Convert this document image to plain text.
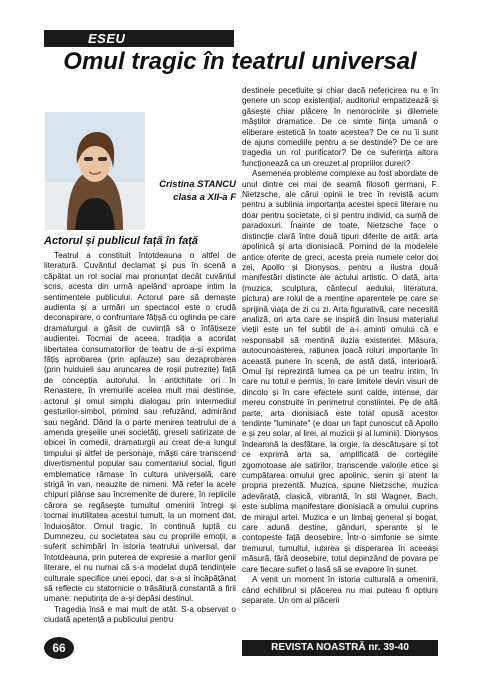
ESEU
Omul tragic în teatrul universal
Cristina STANCU
clasa a XII-a F
Actorul și publicul față în față

Teatrul a constituit întotdeauna o altfel de literatură. Cuvântul declamat și pus în scenă a căpătat un rol social mai pronunțat decât cuvântul scris, acesta din urmă apelând aproape intim la sentimentele publicului. Actorul pare să demaște audienta și a urmări un spectacol este o crudă deconspirare, o confruntare fățișă cu oglinda pe care dramaturgul a găsit de cuviință să o înfățiseze audientei. Tocmai de aceea, tradiția a acordat libertatea consumatorilor de teatru de a-și exprima fățiș aprobarea (prin aplauze) sau dezaprobarea (prin huiduieli sau aruncarea de roșii putrezite) față de concepția autorului. În antichitate ori în Renastere, în vremurile acelea mult mai destinse, actorul și omul simplu dialogau prin intermediul gesturilor-simbol, primind sau refuzând, admirând sau negând. Dând la o parte menirea teatrului de a amenda greșelile unei societăți, greseli satirizate de obicei în comedii, dramaturgii au creat de-a lungul timpului și altfel de personaje, măști care transcend divertismentul popular sau comentariul social, figuri emblematice rămase în cultura universală, care strigă în van, neauzite de nimeni. Mă refer la acele chipuri plânse sau încremenite de durere, în replicile cărora se regăsește tumultul omenirii întregi și tocmai inutilitatea acestui tumult, la un moment dat, înduioșător. Omul tragic, în continuă luptă cu Dumnezeu, cu societatea sau cu propriile emoții, a suferit schimbări în istoria teatrului universal, dar întotdeauna, prin puterea de expresie a marilor genii literare, el nu numai că s-a modelat după tendințele culturale specifice unei epoci, dar s-a si încăpățânat să reflecte cu statornicie o trăsătură constantă a firii umane: neputința de a-și depăsi destinul.

Tragedia însă e mai mult de atât. S-a observat o ciudată apetență a publicului pentru

destinele pecetluite și chiar dacă nefericirea nu e în genere un scop existențial, auditoriul empatizează și găsește chiar plăcere în nenorocirile și dilemele măștilor dramatice. De ce simte ființa umană o eliberare estetică în toate acestea? De ce nu îi sunt de ajuns comediile pentru a se destinde? De ce are tragedia un rol purificator? De ce suferința altora funcționează ca un creuzet al propriilor dureri?

Asemenea probleme complexe au fost abordate de unul dintre cei mai de seamă filosofi germani, F. Nietzsche, ale cărui opinii le trec în revistă acum pentru a sublinia importanța acestei specii literare nu doar pentru societate, ci și pentru individ, ca sumă de paradoxuri. Înainte de toate, Nietzsche face o distincție clară între două tipuri diferite de artă: arta apolinică și arta dionisiacă. Pornind de la modelele antice oferite de greci, acesta preia numele celor doi zei, Apollo și Dionysos, pentru a ilustra două manifestări distincte ale actului artistic. O dată, arta (muzica, sculptura, cântecul aedului, literatura, pictura) are rolul de a menține aparentele pe care se sprijină viața de zi cu zi. Arta figurativă, care necesită analiză, ori arta care se inspiră din însusi materialul vieții este un fel subtil de a-i aminti omului că e responsabil să mentină iluzia existentei. Măsura, autocunoasterea, rațiunea joacă roluri importante în această punere în scenă, de astă dată, interioară. Omul își reprezintă lumea ca pe un teatru intim, în care nu totul e permis, în care limitele devin visuri de dincolo și în care efectele sunt calde, intense, dar mereu construite în perimetrul constiintei. Pe de altă parte, arta dionisiacă este total opusă acestor tendinte "luminate" (e doar un fapt cunoscut că Apollo e și zeu solar, al lirei, al muzicii și al luminii). Dionysos îndeamnă la desfătare, la orgie, la descătușare și tot ce exprimă arta sa, amplificată de cortegiile zgomotoase ale satirilor, transcende valorile etice și cumpătarea omului grec apolinic, senin și atent la propria prezentă. Muzica, spune Nietzsche, muzica adevărată, clasică, vibrantă, în stil Wagner, Bach, este sublima manifestare dionisiacă a omului cuprins de mirajul artei. Muzica e un limbaj general și bogat, care adună destine, gânduri, sperante și le contopeste față deosebire. Într-o simfonie se simte tremurul, tumultul, iubirea și disperarea în aceeași măsură, fără deosebire, totul depinzând de povara pe care fiecare suflet o lasă să se evapore în sunet.

A venit un moment în istoria culturală a omenirii, când echilibrul si plăcerea nu mai puteau fi optiuni separate. Un om al plăcerii

66	REVISTA NOASTRĂ nr. 39-40
